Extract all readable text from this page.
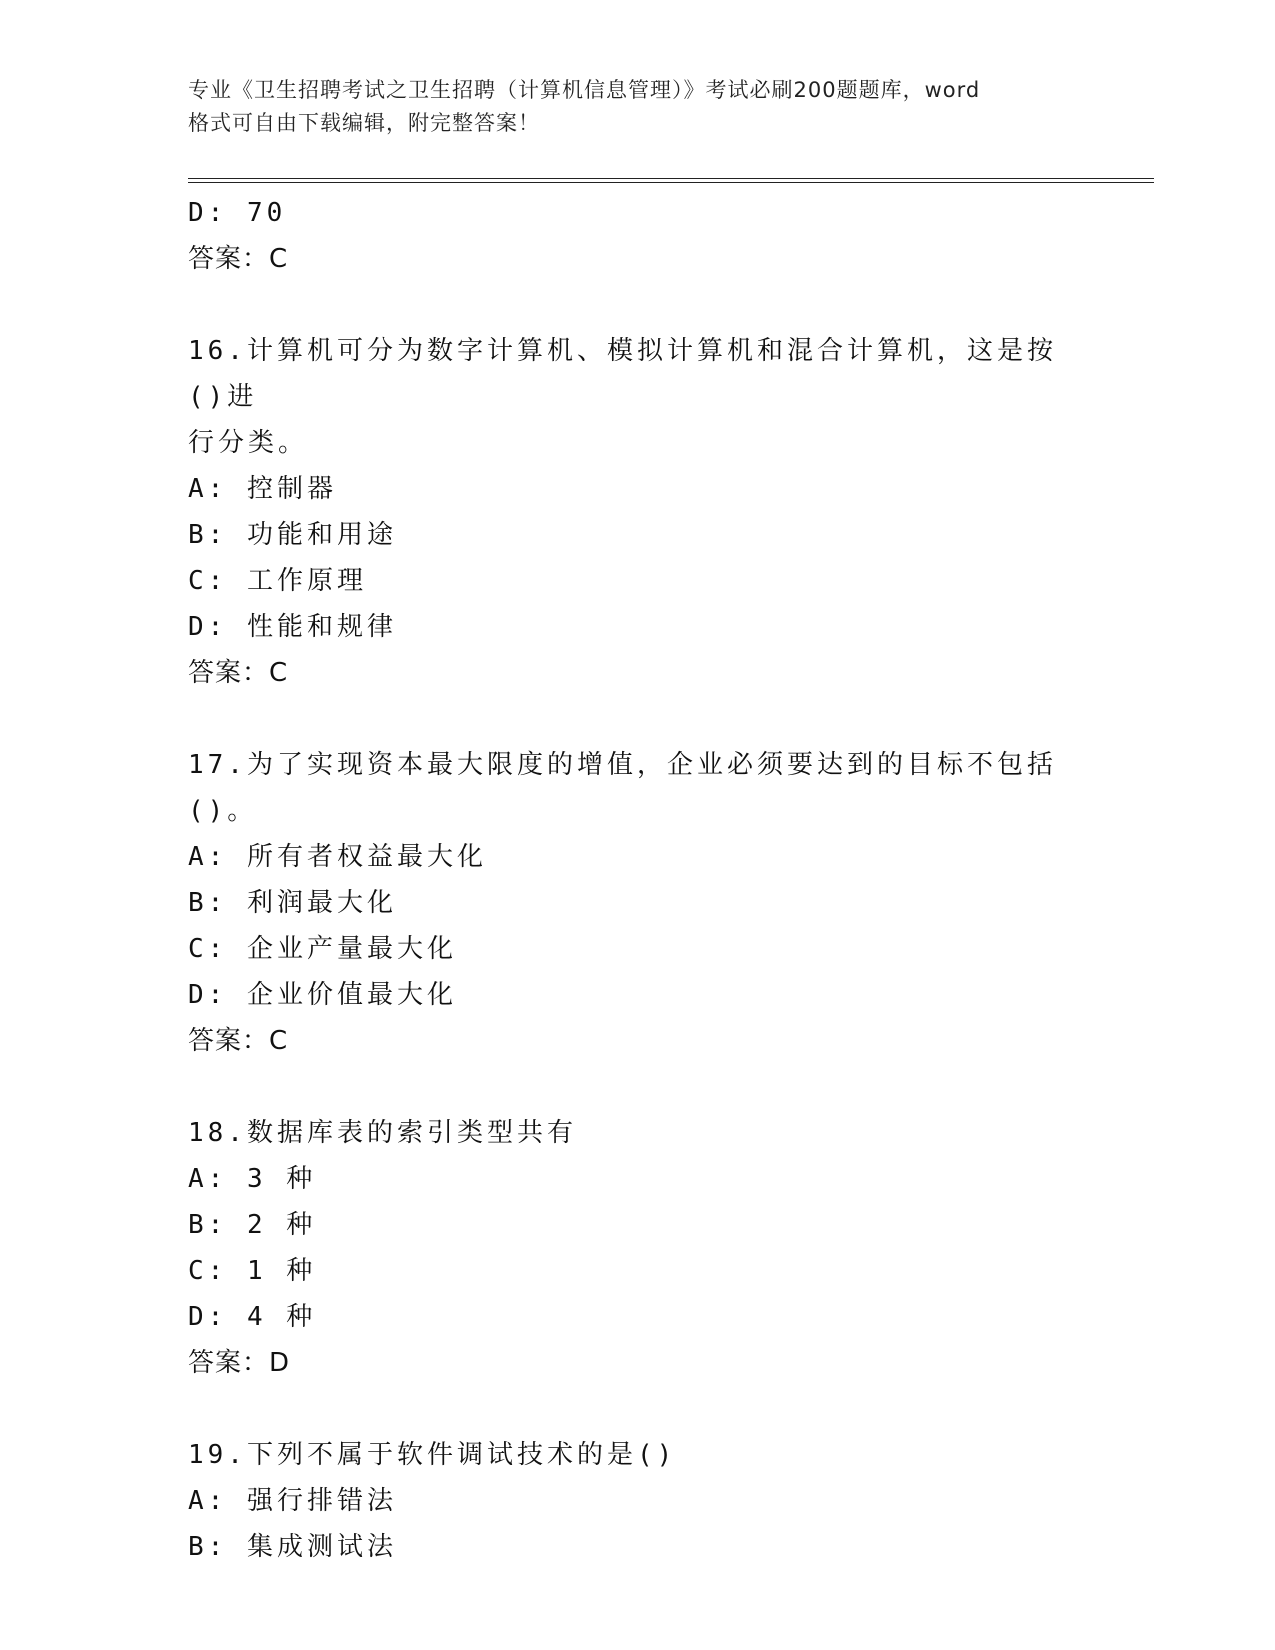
专业《卫生招聘考试之卫生招聘（计算机信息管理）》考试必刷200题题库，word
格式可自由下载编辑，附完整答案！

D: 70

答案：C

16.计算机可分为数字计算机、模拟计算机和混合计算机，这是按()进

行分类。

A: 控制器

B: 功能和用途

C: 工作原理

D: 性能和规律

答案：C

17.为了实现资本最大限度的增值，企业必须要达到的目标不包括()。

A: 所有者权益最大化

B: 利润最大化

C: 企业产量最大化

D: 企业价值最大化

答案：C

18.数据库表的索引类型共有

A: 3 种

B: 2 种

C: 1 种

D: 4 种

答案：D

19.下列不属于软件调试技术的是()

A: 强行排错法

B: 集成测试法
